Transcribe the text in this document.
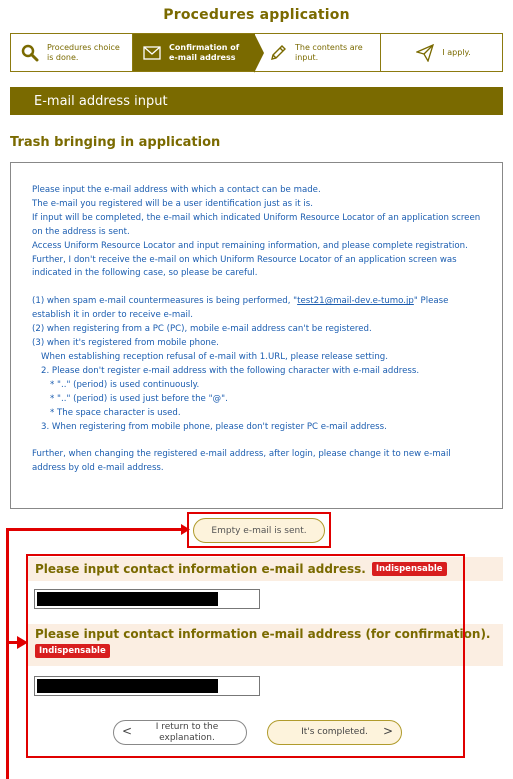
Procedures application
Procedures choice is done.
Confirmation of e-mail address
The contents are input.
I apply.
E-mail address input
Trash bringing in application

Please input the e-mail address with which a contact can be made.

The e-mail you registered will be a user identification just as it is.

If input will be completed, the e-mail which indicated Uniform Resource Locator of an application screen on the address is sent.

Access Uniform Resource Locator and input remaining information, and please complete registration.

Further, I don't receive the e-mail on which Uniform Resource Locator of an application screen was indicated in the following case, so please be careful.

(1) when spam e-mail countermeasures is being performed, "test21@mail-dev.e-tumo.jp" Please establish it in order to receive e-mail.

(2) when registering from a PC (PC), mobile e-mail address can't be registered.

(3) when it's registered from mobile phone.

When establishing reception refusal of e-mail with 1.URL, please release setting.

2. Please don't register e-mail address with the following character with e-mail address.

* ".." (period) is used continuously.

* ".." (period) is used just before the "@".

* The space character is used.

3. When registering from mobile phone, please don't register PC e-mail address.

Further, when changing the registered e-mail address, after login, please change it to new e-mail address by old e-mail address.

Empty e-mail is sent.
Please input contact information e-mail address.	Indispensable
Please input contact information e-mail address (for confirmation).
Indispensable
<	I return to the explanation.
It's completed. >
